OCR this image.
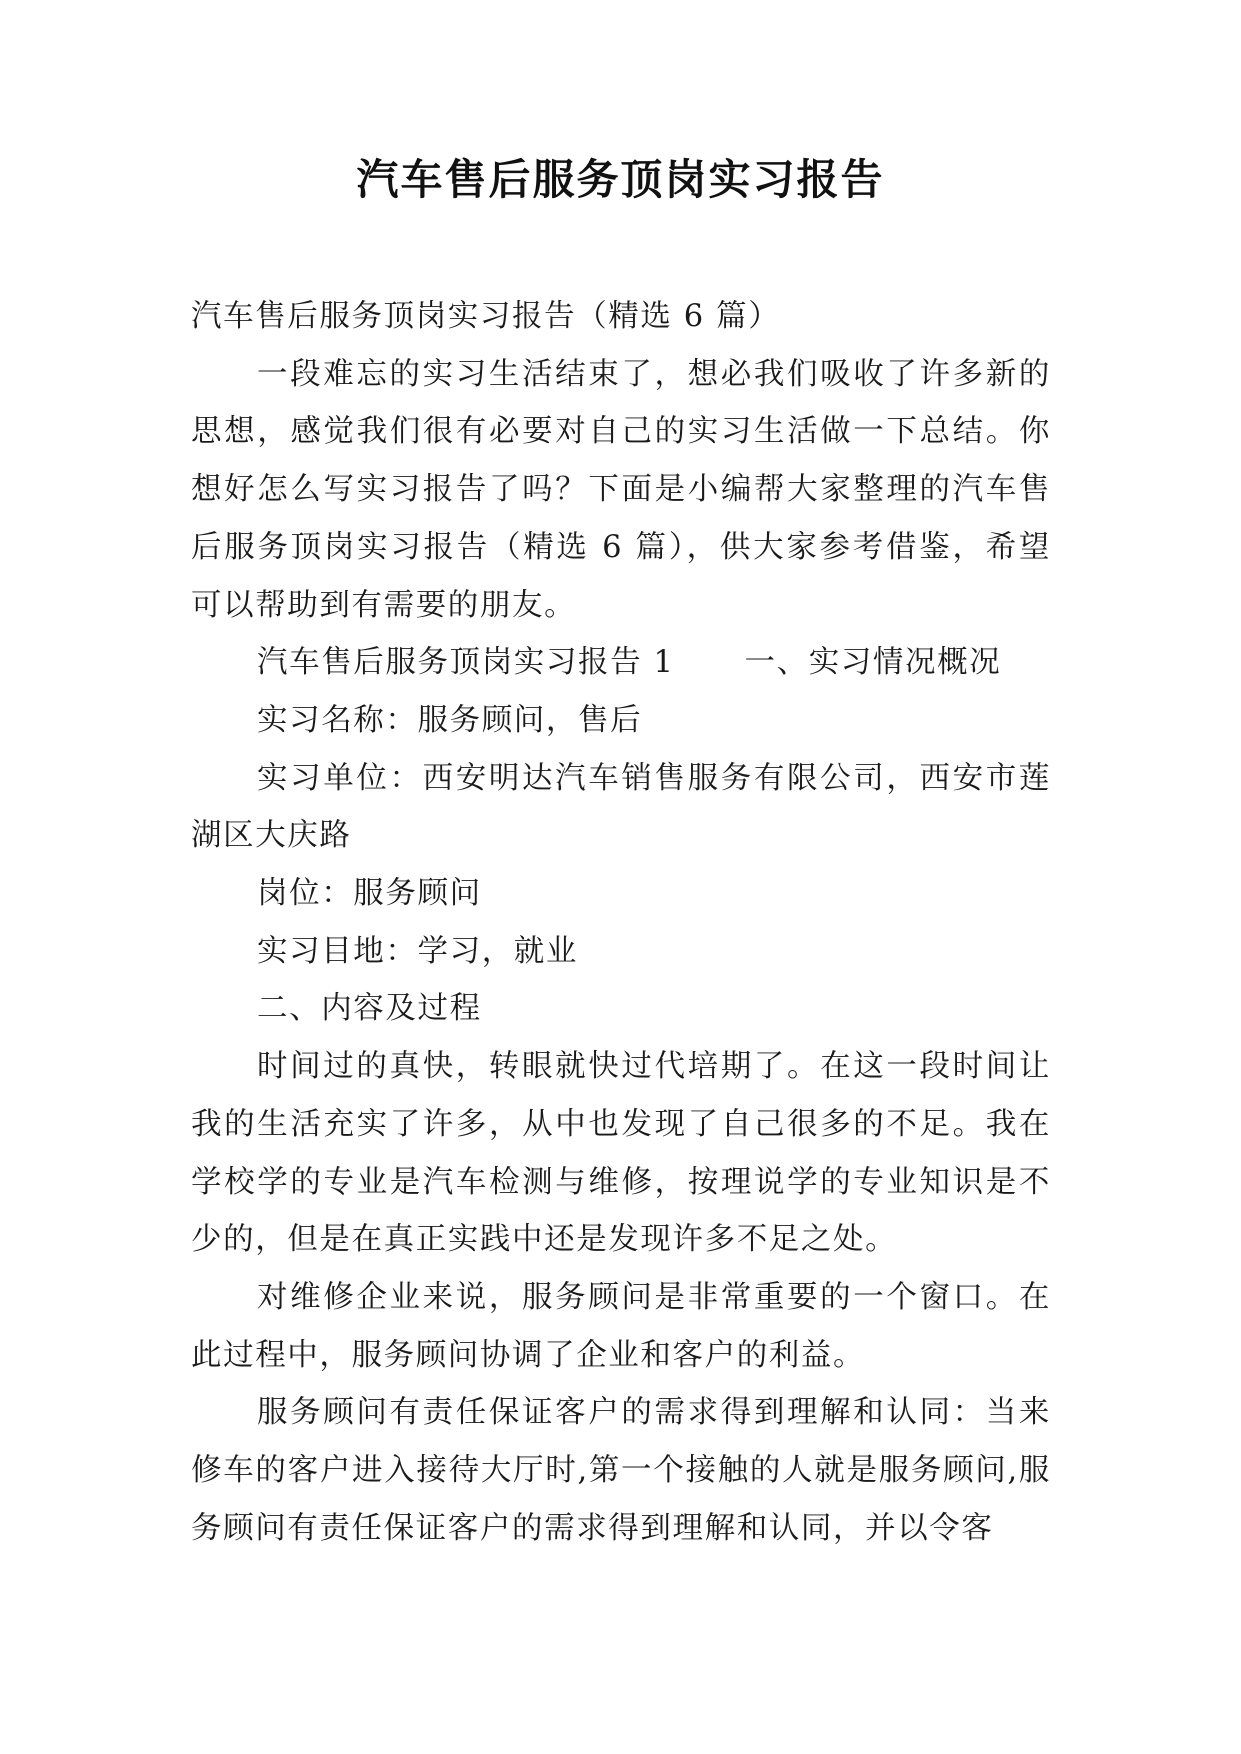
汽车售后服务顶岗实习报告

汽车售后服务顶岗实习报告（精选 6 篇）

一段难忘的实习生活结束了，想必我们吸收了许多新的思想，感觉我们很有必要对自己的实习生活做一下总结。你想好怎么写实习报告了吗？下面是小编帮大家整理的汽车售后服务顶岗实习报告（精选 6 篇），供大家参考借鉴，希望可以帮助到有需要的朋友。

汽车售后服务顶岗实习报告 1 一、实习情况概况

实习名称：服务顾问，售后

实习单位：西安明达汽车销售服务有限公司，西安市莲湖区大庆路

岗位：服务顾问

实习目地：学习，就业

二、内容及过程

时间过的真快，转眼就快过代培期了。在这一段时间让我的生活充实了许多，从中也发现了自己很多的不足。我在学校学的专业是汽车检测与维修，按理说学的专业知识是不少的，但是在真正实践中还是发现许多不足之处。

对维修企业来说，服务顾问是非常重要的一个窗口。在此过程中，服务顾问协调了企业和客户的利益。

服务顾问有责任保证客户的需求得到理解和认同：当来修车的客户进入接待大厅时,第一个接触的人就是服务顾问,服务顾问有责任保证客户的需求得到理解和认同，并以令客
